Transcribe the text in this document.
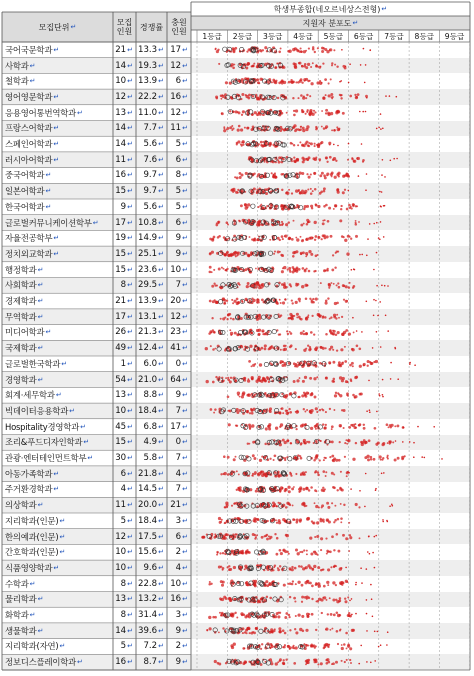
모집단위 ↵	모집
인원 경쟁률 충원
인원
학생부종합(네오르네상스전형) ↵
지원자 분포도 ↵
1등급	2등급	3등급	4등급	5등급	6등급	7등급	8등급	9등급
국어국문학과 ↵	21 ↵ 13.3 ↵ 17 ↵
사학과 ↵	14 ↵ 19.3 ↵ 12 ↵
철학과 ↵	10 ↵ 13.9 ↵ 6 ↵
영어영문학과 ↵	12 ↵ 22.2 ↵ 16 ↵
응용영어통번역학과 ↵	13 ↵ 11.0 ↵ 12 ↵
프랑스어학과 ↵	14 ↵ 7.7 ↵ 11 ↵
스페인어학과 ↵	14 ↵ 5.6 ↵ 5 ↵
러시아어학과 ↵	11 ↵ 7.6 ↵ 6 ↵
중국어학과 ↵	16 ↵ 9.7 ↵ 8 ↵
일본어학과 ↵	15 ↵ 9.7 ↵ 5 ↵
한국어학과 ↵	9 ↵ 5.6 ↵ 5 ↵
글로벌커뮤니케이션학부 ↵ 17 ↵ 10.8 ↵ 6 ↵
자율전공학부 ↵	19 ↵ 14.9 ↵ 9 ↵
정치외교학과 ↵	15 ↵ 25.1 ↵ 9 ↵
행정학과 ↵	15 ↵ 23.6 ↵ 10 ↵
사회학과 ↵	8 ↵ 29.5 ↵ 7 ↵
경제학과 ↵	21 ↵ 13.9 ↵ 20 ↵
무역학과 ↵	17 ↵ 13.1 ↵ 12 ↵
미디어학과 ↵	26 ↵ 21.3 ↵ 23 ↵
국제학과 ↵	49 ↵ 12.4 ↵ 41 ↵
글로벌한국학과 ↵	1 ↵ 6.0 ↵ 0 ↵
경영학과 ↵	54 ↵ 21.0 ↵ 64 ↵
회계·세무학과 ↵	13 ↵ 8.8 ↵ 9 ↵
빅데이터응용학과 ↵	10 ↵ 18.4 ↵ 7 ↵
Hospitality경영학과 ↵	45 ↵ 6.8 ↵ 17 ↵
조리&푸드디자인학과 ↵	15 ↵ 4.9 ↵ 0 ↵
관광·엔터테인먼트학부 ↵	30 ↵ 5.8 ↵ 7 ↵
아동가족학과 ↵	6 ↵ 21.8 ↵ 4 ↵
주거환경학과 ↵	4 ↵ 14.5 ↵ 7 ↵
의상학과 ↵	11 ↵ 20.0 ↵ 21 ↵
지리학과(인문) ↵	5 ↵ 18.4 ↵ 3 ↵
한의예과(인문) ↵	12 ↵ 17.5 ↵ 6 ↵
간호학과(인문) ↵	10 ↵ 15.6 ↵ 2 ↵
식품영양학과 ↵	10 ↵ 9.6 ↵ 4 ↵
수학과 ↵	8 ↵ 22.8 ↵ 10 ↵
물리학과 ↵	13 ↵ 13.2 ↵ 16 ↵
화학과 ↵	8 ↵ 31.4 ↵ 3 ↵
생물학과 ↵	14 ↵ 39.6 ↵ 9 ↵
지리학과(자연) ↵	5 ↵ 7.2 ↵ 2 ↵
정보디스플레이학과 ↵	16 ↵ 8.7 ↵ 9 ↵
